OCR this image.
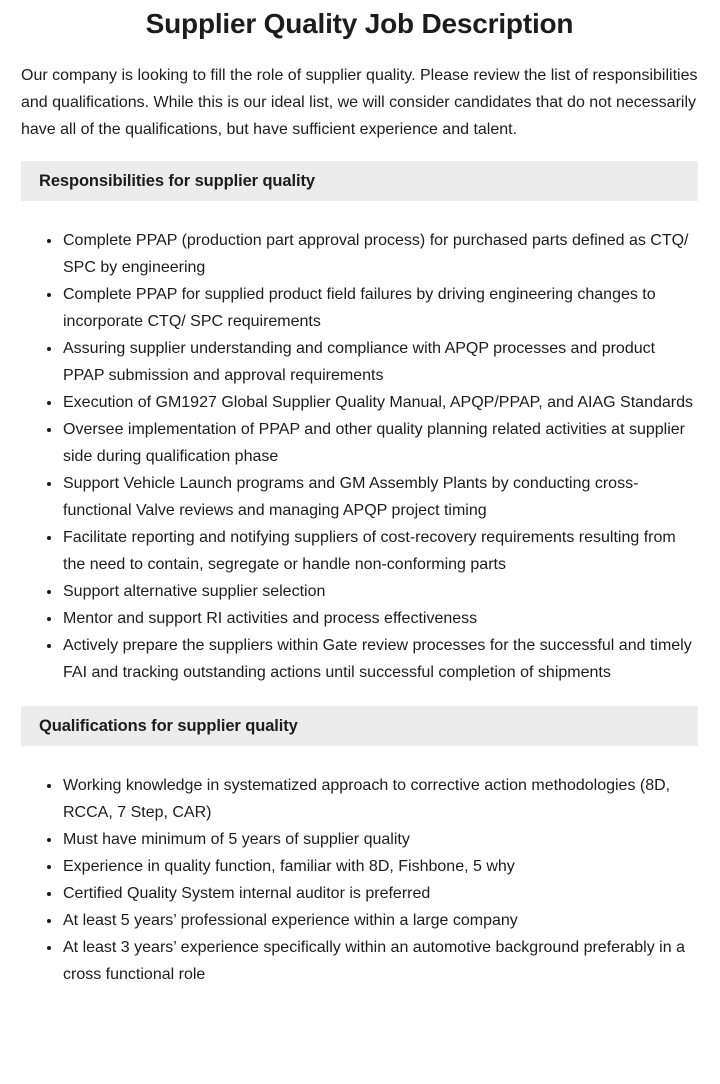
Supplier Quality Job Description

Our company is looking to fill the role of supplier quality. Please review the list of responsibilities and qualifications. While this is our ideal list, we will consider candidates that do not necessarily have all of the qualifications, but have sufficient experience and talent.

Responsibilities for supplier quality
• Complete PPAP (production part approval process) for purchased parts defined as CTQ/ SPC by engineering
• Complete PPAP for supplied product field failures by driving engineering changes to incorporate CTQ/ SPC requirements
• Assuring supplier understanding and compliance with APQP processes and product PPAP submission and approval requirements
• Execution of GM1927 Global Supplier Quality Manual, APQP/PPAP, and AIAG Standards
• Oversee implementation of PPAP and other quality planning related activities at supplier side during qualification phase
• Support Vehicle Launch programs and GM Assembly Plants by conducting cross-functional Valve reviews and managing APQP project timing
• Facilitate reporting and notifying suppliers of cost-recovery requirements resulting from the need to contain, segregate or handle non-conforming parts
• Support alternative supplier selection
• Mentor and support RI activities and process effectiveness
• Actively prepare the suppliers within Gate review processes for the successful and timely FAI and tracking outstanding actions until successful completion of shipments
Qualifications for supplier quality
• Working knowledge in systematized approach to corrective action methodologies (8D, RCCA, 7 Step, CAR)
• Must have minimum of 5 years of supplier quality
• Experience in quality function, familiar with 8D, Fishbone, 5 why
• Certified Quality System internal auditor is preferred
• At least 5 years’ professional experience within a large company
• At least 3 years’ experience specifically within an automotive background preferably in a cross functional role
